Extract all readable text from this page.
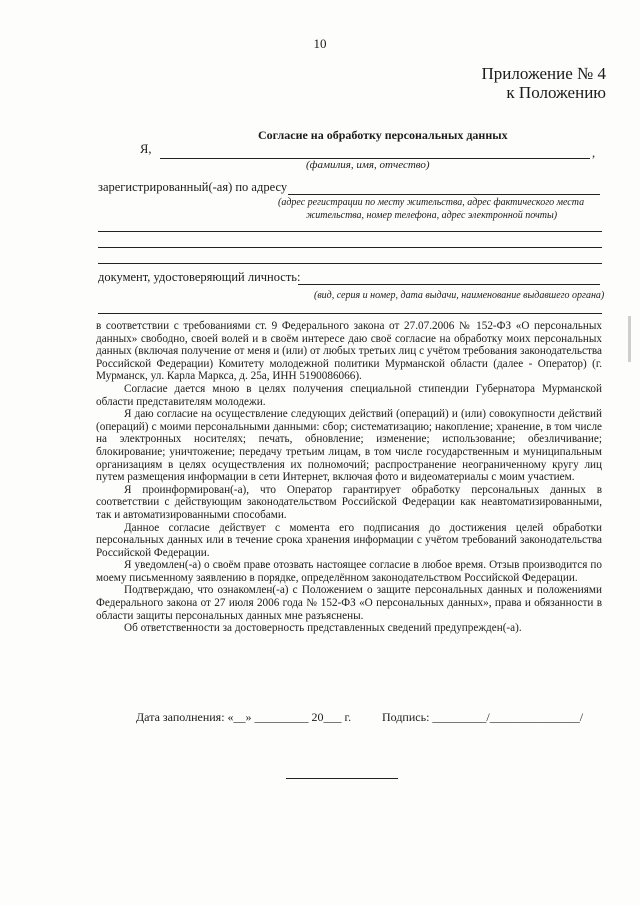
10
Приложение № 4
к Положению
Согласие на обработку персональных данных
Я,	,
(фамилия, имя, отчество)
зарегистрированный(-ая) по адресу
(адрес регистрации по месту жительства, адрес фактического места
жительства, номер телефона, адрес электронной почты)
документ, удостоверяющий личность:
(вид, серия и номер, дата выдачи, наименование выдавшего органа)

в соответствии с требованиями ст. 9 Федерального закона от 27.07.2006 № 152-ФЗ «О персональных данных» свободно, своей волей и в своём интересе даю своё согласие на обработку моих персональных данных (включая получение от меня и (или) от любых третьих лиц с учётом требования законодательства Российской Федерации) Комитету молодежной политики Мурманской области (далее - Оператор) (г. Мурманск, ул. Карла Маркса, д. 25а, ИНН 5190086066).

Согласие дается мною в целях получения специальной стипендии Губернатора Мурманской области представителям молодежи.

Я даю согласие на осуществление следующих действий (операций) и (или) совокупности действий (операций) с моими персональными данными: сбор; систематизацию; накопление; хранение, в том числе на электронных носителях; печать, обновление; изменение; использование; обезличивание; блокирование; уничтожение; передачу третьим лицам, в том числе государственным и муниципальным организациям в целях осуществления их полномочий; распространение неограниченному кругу лиц путем размещения информации в сети Интернет, включая фото и видеоматериалы с моим участием.

Я проинформирован(-а), что Оператор гарантирует обработку персональных данных в соответствии с действующим законодательством Российской Федерации как неавтоматизированными, так и автоматизированными способами.

Данное согласие действует с момента его подписания до достижения целей обработки персональных данных или в течение срока хранения информации с учётом требований законодательства Российской Федерации.

Я уведомлен(-а) о своём праве отозвать настоящее согласие в любое время. Отзыв производится по моему письменному заявлению в порядке, определённом законодательством Российской Федерации.

Подтверждаю, что ознакомлен(-а) с Положением о защите персональных данных и положениями Федерального закона от 27 июля 2006 года № 152-ФЗ «О персональных данных», права и обязанности в области защиты персональных данных мне разъяснены.

Об ответственности за достоверность представленных сведений предупрежден(-а).

Дата заполнения: «__» _________ 20___ г.	Подпись: _________/_______________/
